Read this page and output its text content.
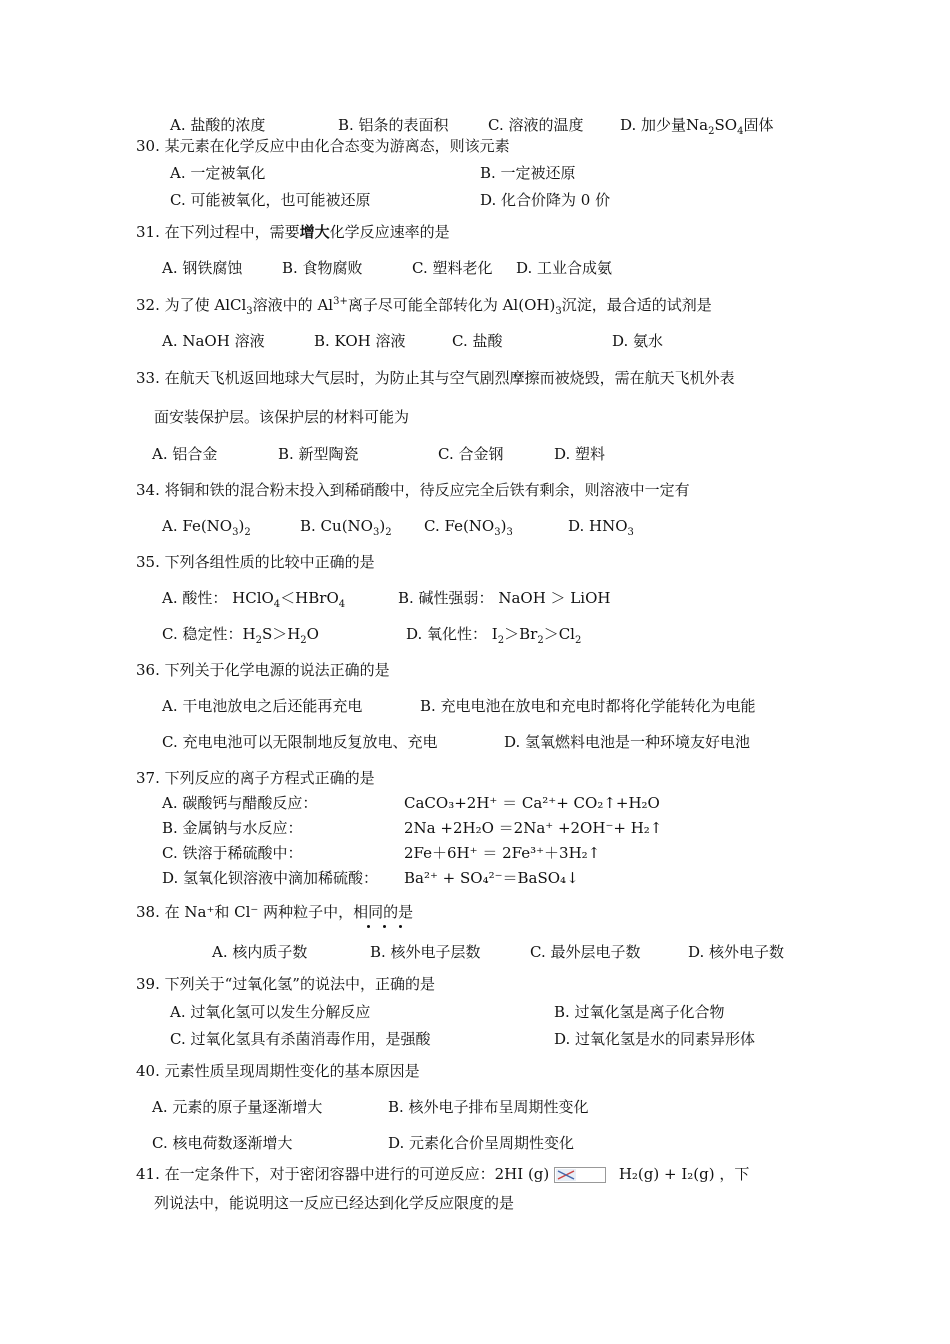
A. 盐酸的浓度	B. 铝条的表面积	C. 溶液的温度 D. 加少量$Na_2SO_4$固体
30. 某元素在化学反应中由化合态变为游离态，则该元素
A. 一定被氧化	B. 一定被还原
C. 可能被氧化，也可能被还原	D. 化合价降为 0 价
31. 在下列过程中，需要增大化学反应速率的是
A. 钢铁腐蚀	B. 食物腐败	C. 塑料老化 D. 工业合成氨
32. 为了使 AlCl$_3$溶液中的 $Al^{3+}$离子尽可能全部转化为 $Al(OH)_3$沉淀，最合适的试剂是
A. NaOH 溶液	B. KOH 溶液	C. 盐酸	D. 氨水
33. 在航天飞机返回地球大气层时，为防止其与空气剧烈摩擦而被烧毁，需在航天飞机外表
面安装保护层。该保护层的材料可能为
A. 铝合金	B. 新型陶瓷	C. 合金钢	D. 塑料
34. 将铜和铁的混合粉末投入到稀硝酸中，待反应完全后铁有剩余，则溶液中一定有
A. $Fe(NO_3)_2$	B. $Cu(NO_3)_2$ C. $Fe(NO_3)_3$	D. $HNO_3$
35. 下列各组性质的比较中正确的是
A. 酸性： HClO$_4$＜HBrO$_4$	B. 碱性强弱： NaOH ＞ LiOH
C. 稳定性：$H_2S>H_2O$	D. 氧化性： $I_2>Br_2>Cl_2$
36. 下列关于化学电源的说法正确的是
A. 干电池放电之后还能再充电	B. 充电电池在放电和充电时都将化学能转化为电能
C. 充电电池可以无限制地反复放电、充电	D. 氢氧燃料电池是一种环境友好电池
37. 下列反应的离子方程式正确的是
A. 碳酸钙与醋酸反应：	CaCO₃+2H⁺ ＝ Ca²⁺+ CO₂↑+H₂O
B. 金属钠与水反应：	2Na +2H₂O ＝2Na⁺ +2OH⁻+ H₂↑
C. 铁溶于稀硫酸中：	2Fe＋6H⁺ ＝ 2Fe³⁺＋3H₂↑
D. 氢氧化钡溶液中滴加稀硫酸： Ba²⁺ + SO₄²⁻＝BaSO₄↓
38. 在 Na⁺和 Cl⁻ 两种粒子中，相同的是
A. 核内质子数	B. 核外电子层数	C. 最外层电子数	D. 核外电子数
39. 下列关于“过氧化氢”的说法中，正确的是
A. 过氧化氢可以发生分解反应	B. 过氧化氢是离子化合物
C. 过氧化氢具有杀菌消毒作用，是强酸	D. 过氧化氢是水的同素异形体
40. 元素性质呈现周期性变化的基本原因是
A. 元素的原子量逐渐增大	B. 核外电子排布呈周期性变化
C. 核电荷数逐渐增大	D. 元素化合价呈周期性变化
41. 在一定条件下，对于密闭容器中进行的可逆反应：2HI (g)	H₂(g) + I₂(g) ，下
列说法中，能说明这一反应已经达到化学反应限度的是
